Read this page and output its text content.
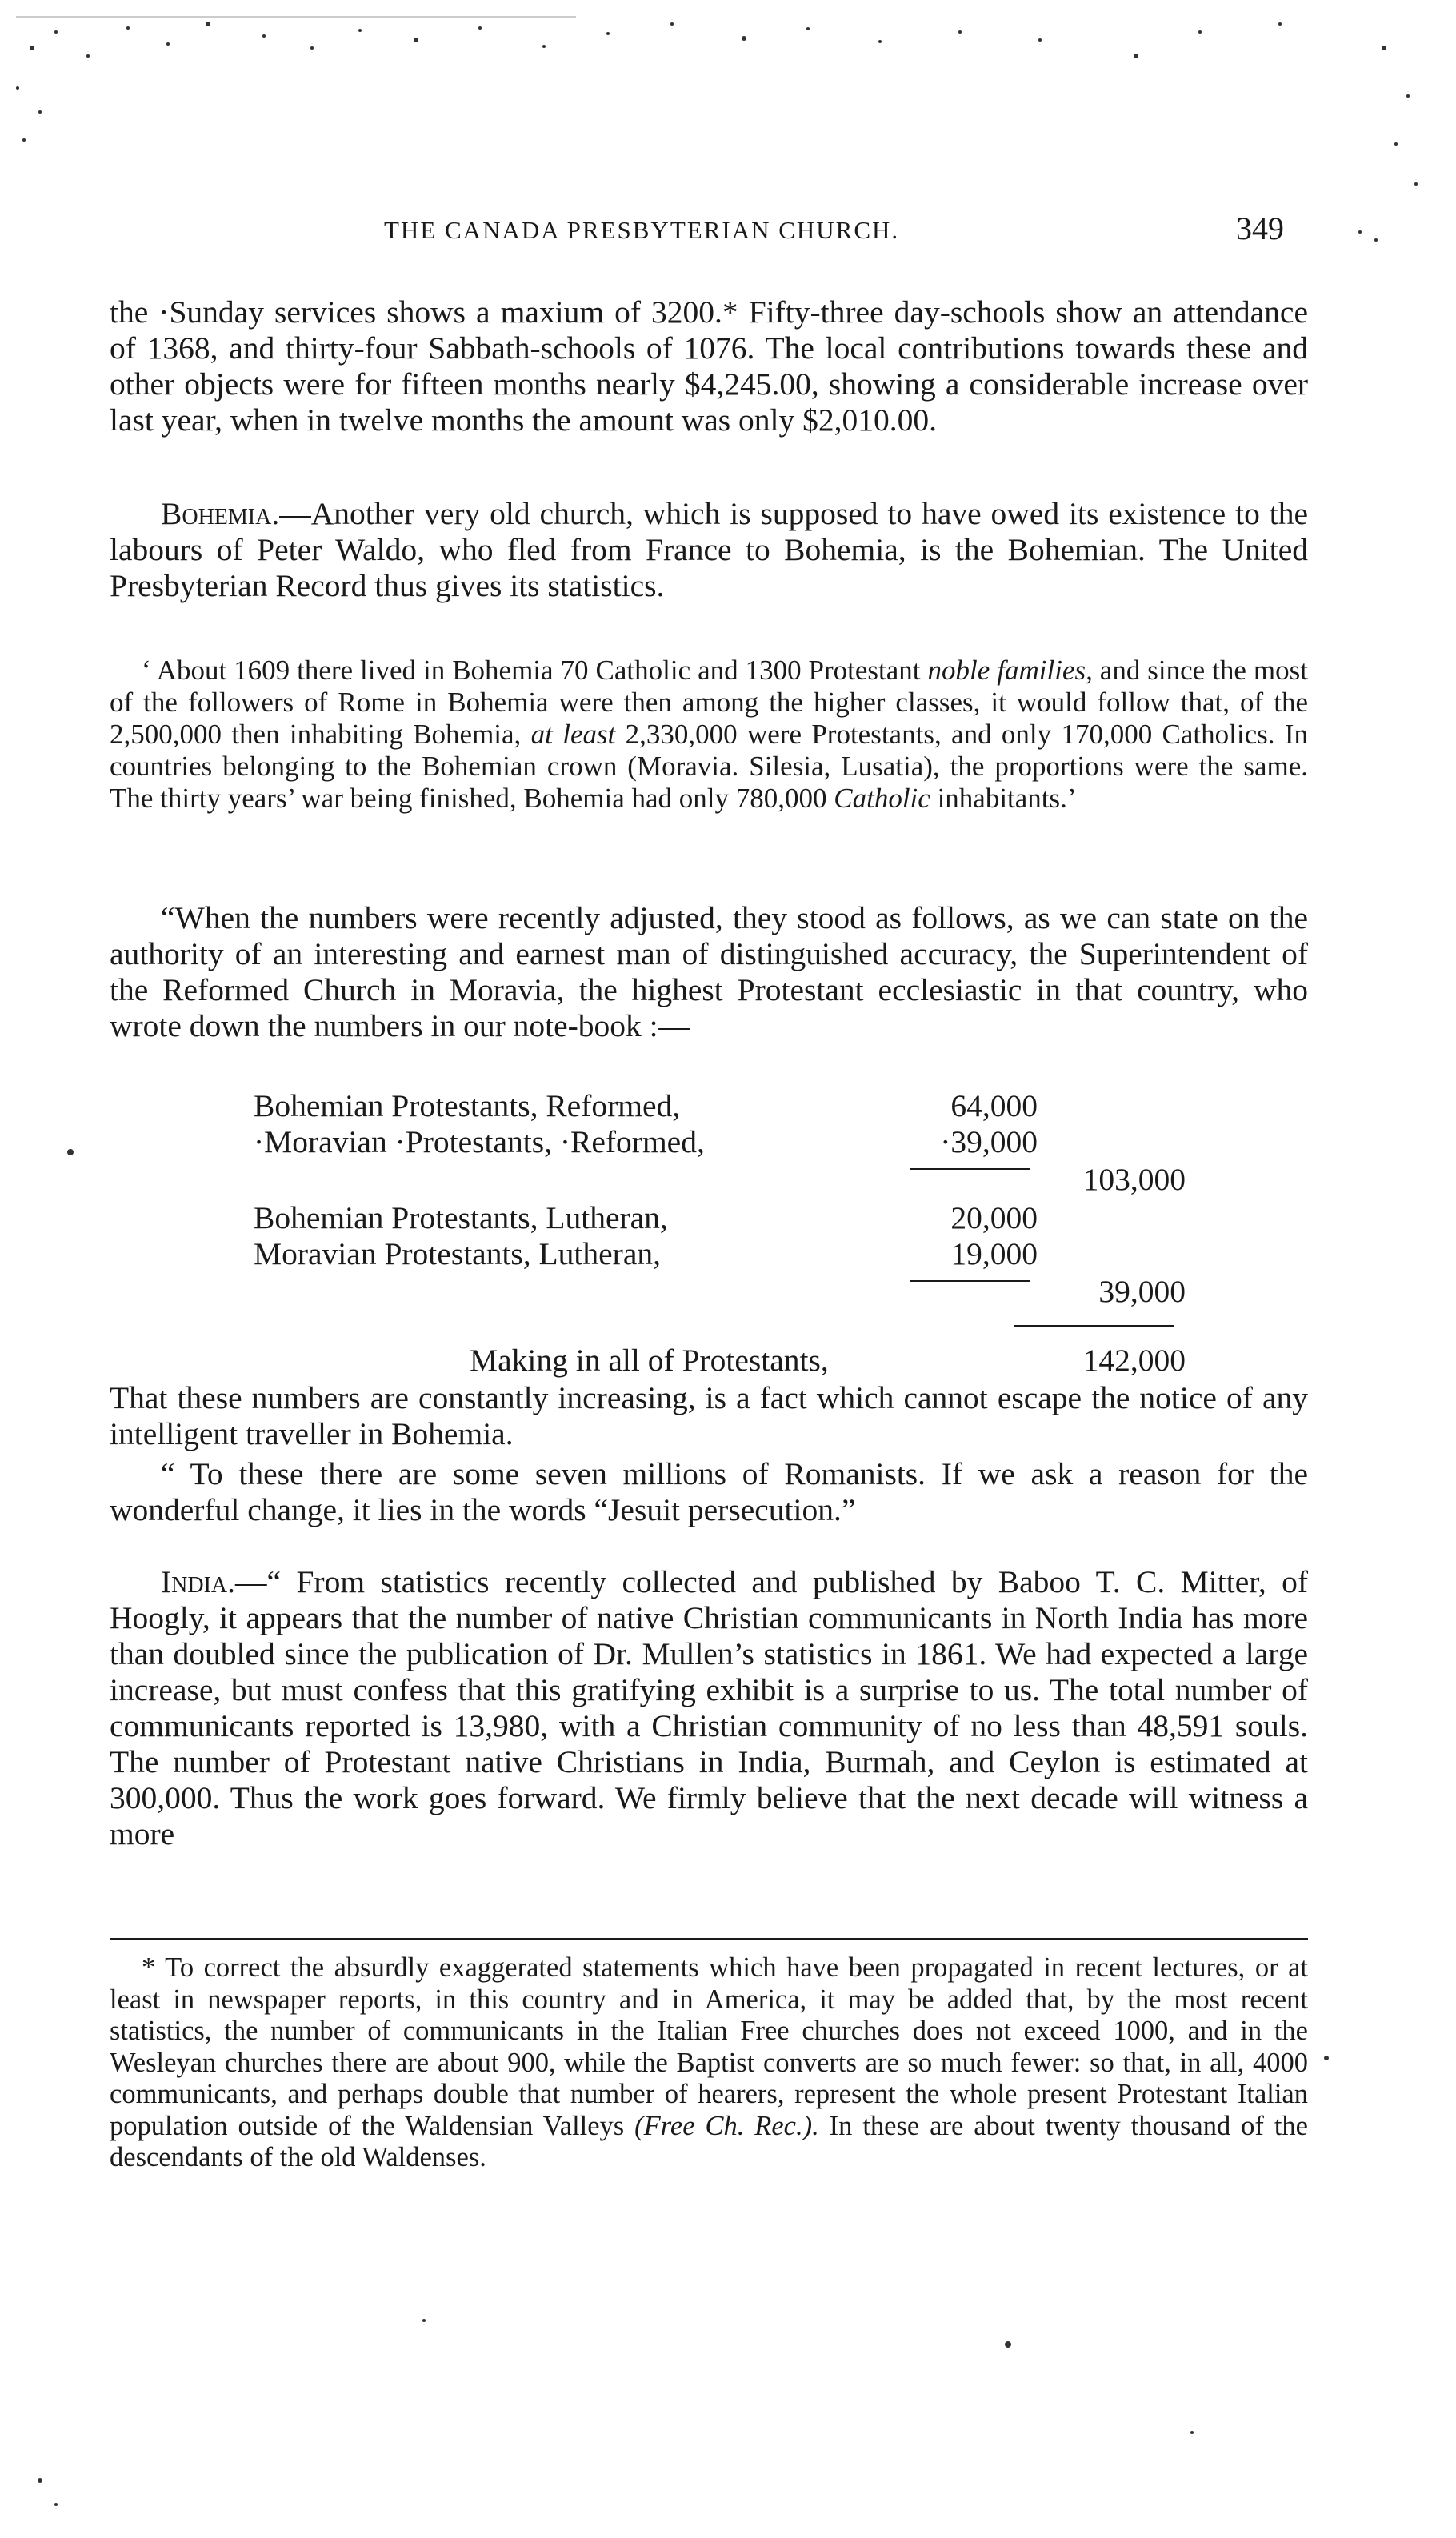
THE CANADA PRESBYTERIAN CHURCH.	349

the ·Sunday services shows a maxium of 3200.* Fifty-three day-schools show an attendance of 1368, and thirty-four Sabbath-schools of 1076. The local contributions towards these and other objects were for fifteen months nearly $4,245.00, showing a considerable increase over last year, when in twelve months the amount was only $2,010.00.

Bohemia.—Another very old church, which is supposed to have owed its existence to the labours of Peter Waldo, who fled from France to Bohemia, is the Bohemian. The United Presbyterian Record thus gives its statistics.

‘ About 1609 there lived in Bohemia 70 Catholic and 1300 Protestant noble families, and since the most of the followers of Rome in Bohemia were then among the higher classes, it would follow that, of the 2,500,000 then inhabiting Bohemia, at least 2,330,000 were Protestants, and only 170,000 Catholics. In countries belonging to the Bohemian crown (Moravia. Silesia, Lusatia), the proportions were the same. The thirty years’ war being finished, Bohemia had only 780,000 Catholic inhabitants.’

“When the numbers were recently adjusted, they stood as follows, as we can state on the authority of an interesting and earnest man of distinguished accuracy, the Superintendent of the Reformed Church in Moravia, the highest Protestant ecclesiastic in that country, who wrote down the numbers in our note-book :—

Bohemian Protestants, Reformed,	64,000
·Moravian ·Protestants, ·Reformed,	·39,000
103,000
Bohemian Protestants, Lutheran,	20,000
Moravian Protestants, Lutheran,	19,000
39,000
Making in all of Protestants,	142,000

That these numbers are constantly increasing, is a fact which cannot escape the notice of any intelligent traveller in Bohemia.

“ To these there are some seven millions of Romanists. If we ask a reason for the wonderful change, it lies in the words “Jesuit persecution.”

India.—“ From statistics recently collected and published by Baboo T. C. Mitter, of Hoogly, it appears that the number of native Christian communicants in North India has more than doubled since the publication of Dr. Mullen’s statistics in 1861. We had expected a large increase, but must confess that this gratifying exhibit is a surprise to us. The total number of communicants reported is 13,980, with a Christian community of no less than 48,591 souls. The number of Protestant native Christians in India, Burmah, and Ceylon is estimated at 300,000. Thus the work goes forward. We firmly believe that the next decade will witness a more

* To correct the absurdly exaggerated statements which have been propagated in recent lectures, or at least in newspaper reports, in this country and in America, it may be added that, by the most recent statistics, the number of communicants in the Italian Free churches does not exceed 1000, and in the Wesleyan churches there are about 900, while the Baptist converts are so much fewer: so that, in all, 4000 communicants, and perhaps double that number of hearers, represent the whole present Protestant Italian population outside of the Waldensian Valleys (Free Ch. Rec.). In these are about twenty thousand of the descendants of the old Waldenses.
